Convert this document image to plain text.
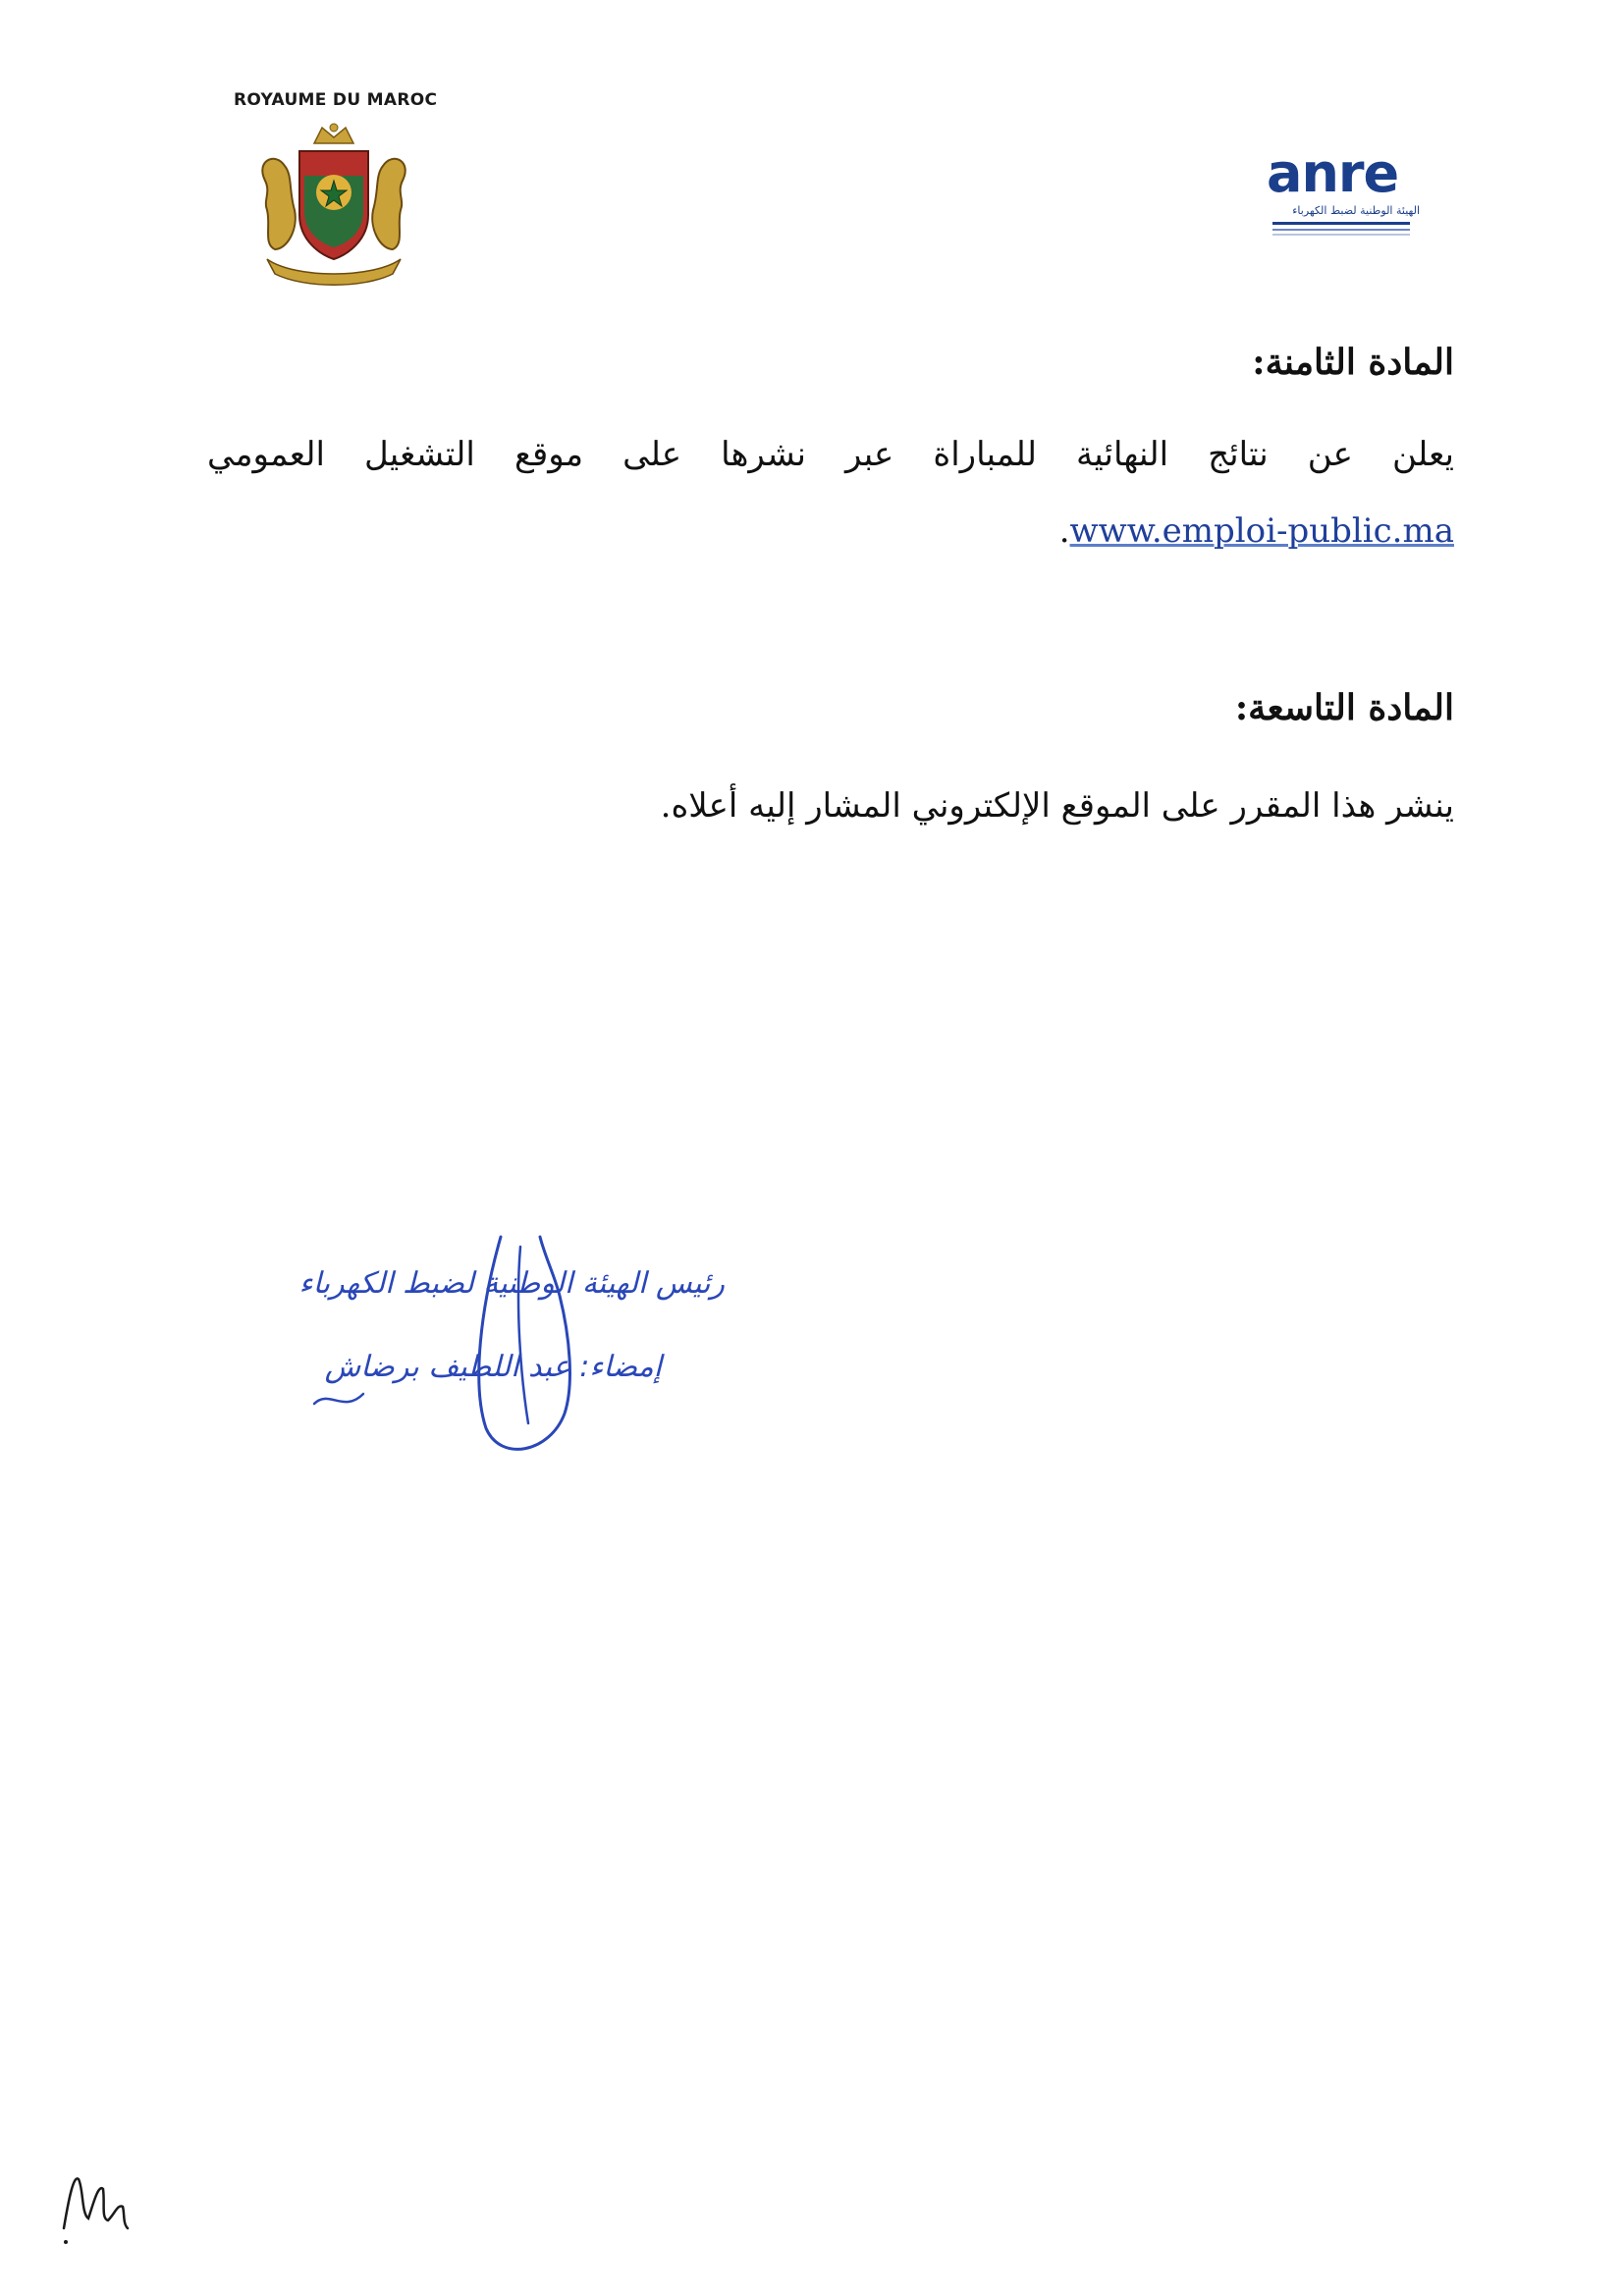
ROYAUME DU MAROC
anre
الهيئة الوطنية لضبط الكهرباء
المادة الثامنة:
يعلن عن نتائج النهائية للمباراة عبر نشرها على موقع التشغيل العمومي
www.emploi-public.ma.
المادة التاسعة:
ينشر هذا المقرر على الموقع الإلكتروني المشار إليه أعلاه.
رئيس الهيئة الوطنية لضبط الكهرباء
إمضاء: عبد اللطيف برضاش
